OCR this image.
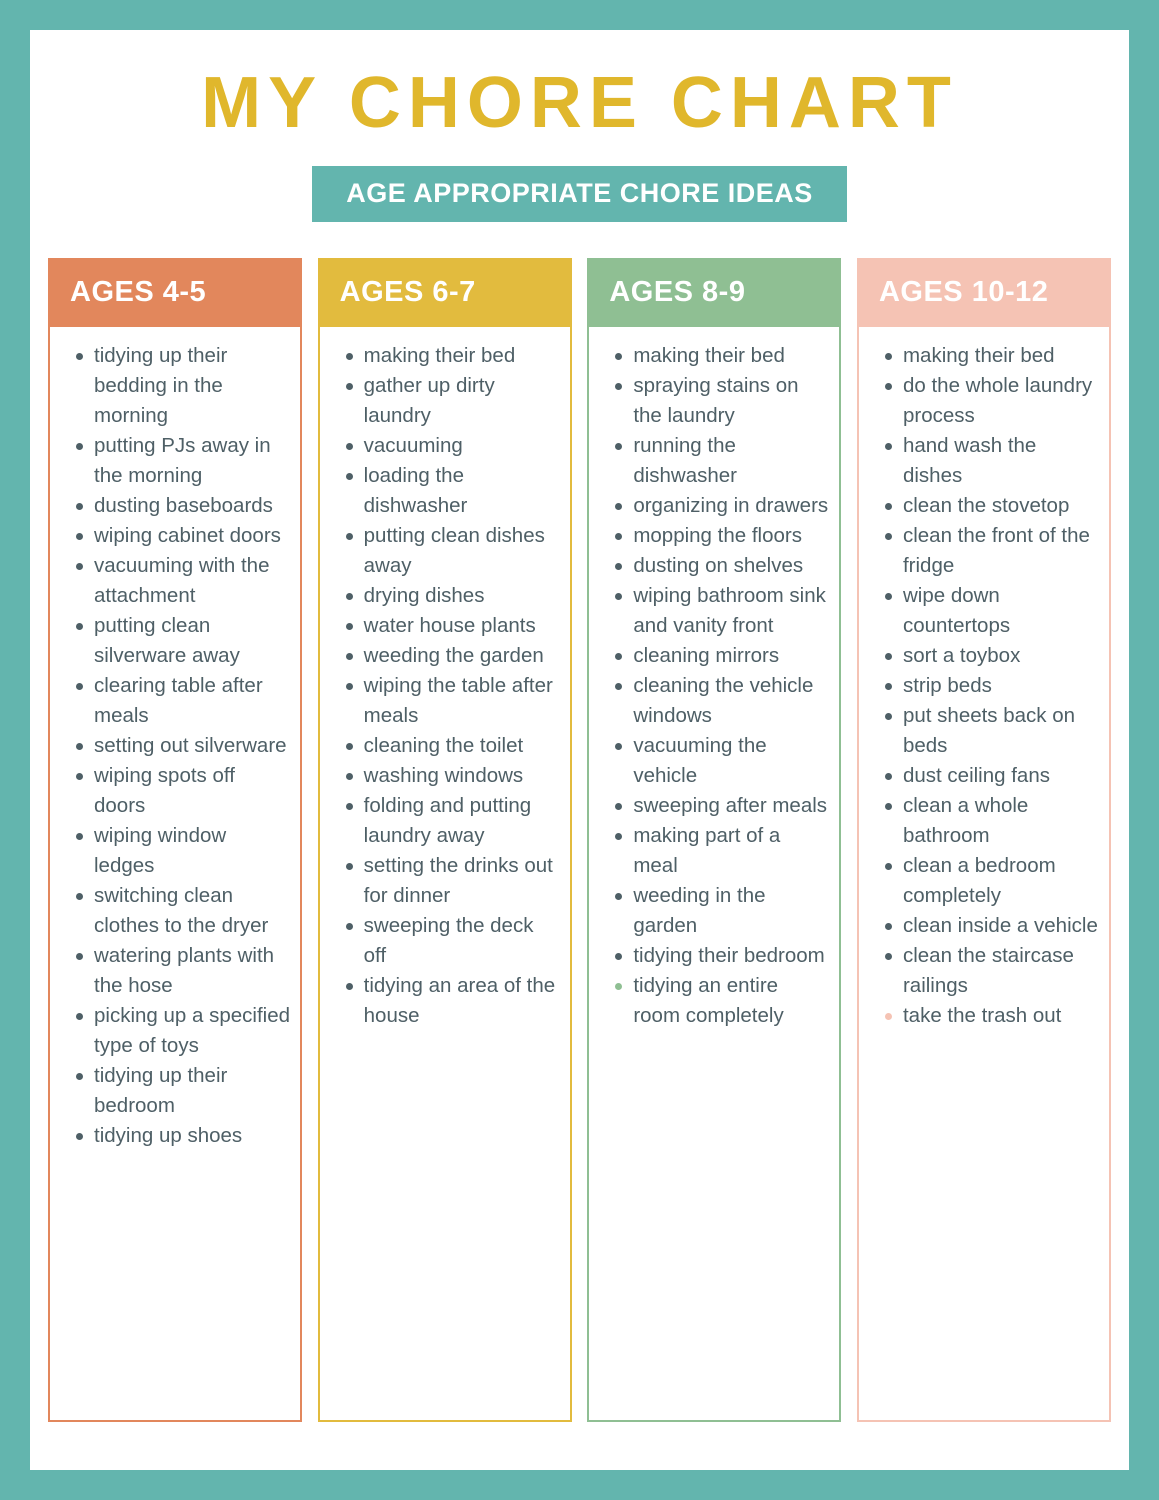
MY CHORE CHART
AGE APPROPRIATE CHORE IDEAS
AGES 4-5
tidying up their bedding in the morning
putting PJs away in the morning
dusting baseboards
wiping cabinet doors
vacuuming with the attachment
putting clean silverware away
clearing table after meals
setting out silverware
wiping spots off doors
wiping window ledges
switching clean clothes to the dryer
watering plants with the hose
picking up a specified type of toys
tidying up their bedroom
tidying up shoes
AGES 6-7
making their bed
gather up dirty laundry
vacuuming
loading the dishwasher
putting clean dishes away
drying dishes
water house plants
weeding the garden
wiping the table after meals
cleaning the toilet
washing windows
folding and putting laundry away
setting the drinks out for dinner
sweeping the deck off
tidying an area of the house
AGES 8-9
making their bed
spraying stains on the laundry
running the dishwasher
organizing in drawers
mopping the floors
dusting on shelves
wiping bathroom sink and vanity front
cleaning mirrors
cleaning the vehicle windows
vacuuming the vehicle
sweeping after meals
making part of a meal
weeding in the garden
tidying their bedroom
tidying an entire room completely
AGES 10-12
making their bed
do the whole laundry process
hand wash the dishes
clean the stovetop
clean the front of the fridge
wipe down countertops
sort a toybox
strip beds
put sheets back on beds
dust ceiling fans
clean a whole bathroom
clean a bedroom completely
clean inside a vehicle
clean the staircase railings
take the trash out
